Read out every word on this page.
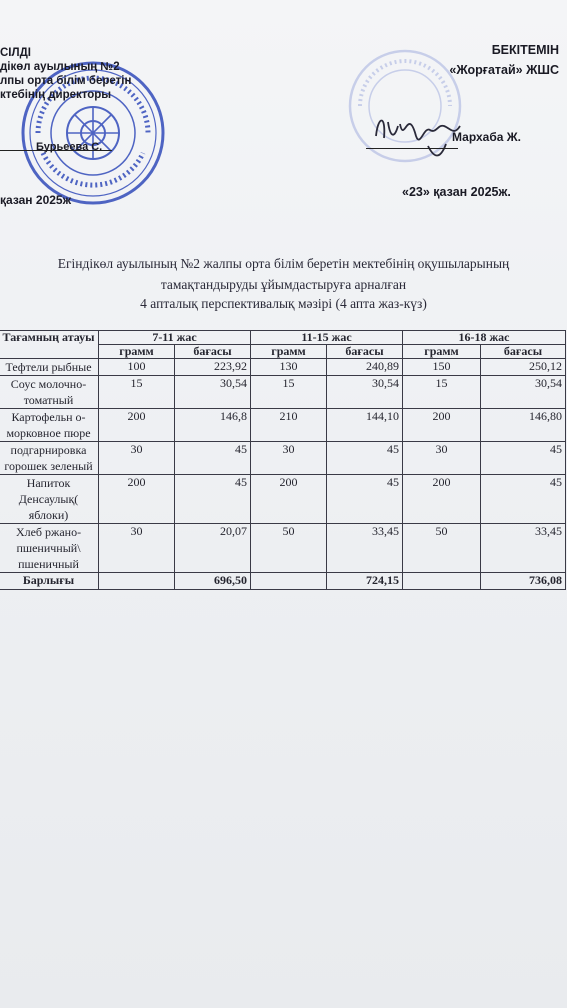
СІЛДІ
дікөл ауылының №2
лпы орта білім беретін
ктебінің директоры
Бурьеева С.
қазан 2025ж
БЕКІТЕМІН
«Жорғатай» ЖШС
Мархаба Ж.
«23» қазан 2025ж.
Егіндікөл ауылының №2 жалпы орта білім беретін мектебінің оқушыларының
тамақтандыруды ұйымдастыруға арналған
4 апталық перспективалық мәзірі (4 апта жаз-күз)
Тағамның атауы	7-11 жас		11-15 жас		16-18 жас	
	грамм	бағасы	грамм	бағасы	грамм	бағасы
Тефтели рыбные	100	223,92	130	240,89	150	250,12
Соус молочно-томатный	15	30,54	15	30,54	15	30,54
Картофельн о-морковное пюре	200	146,8	210	144,10	200	146,80
подгарнировка горошек зеленый	30	45	30	45	30	45
Напиток Денсаулық( яблоки)	200	45	200	45	200	45
Хлеб ржано-пшеничный\ пшеничный	30	20,07	50	33,45	50	33,45
Барлығы		696,50		724,15		736,08
